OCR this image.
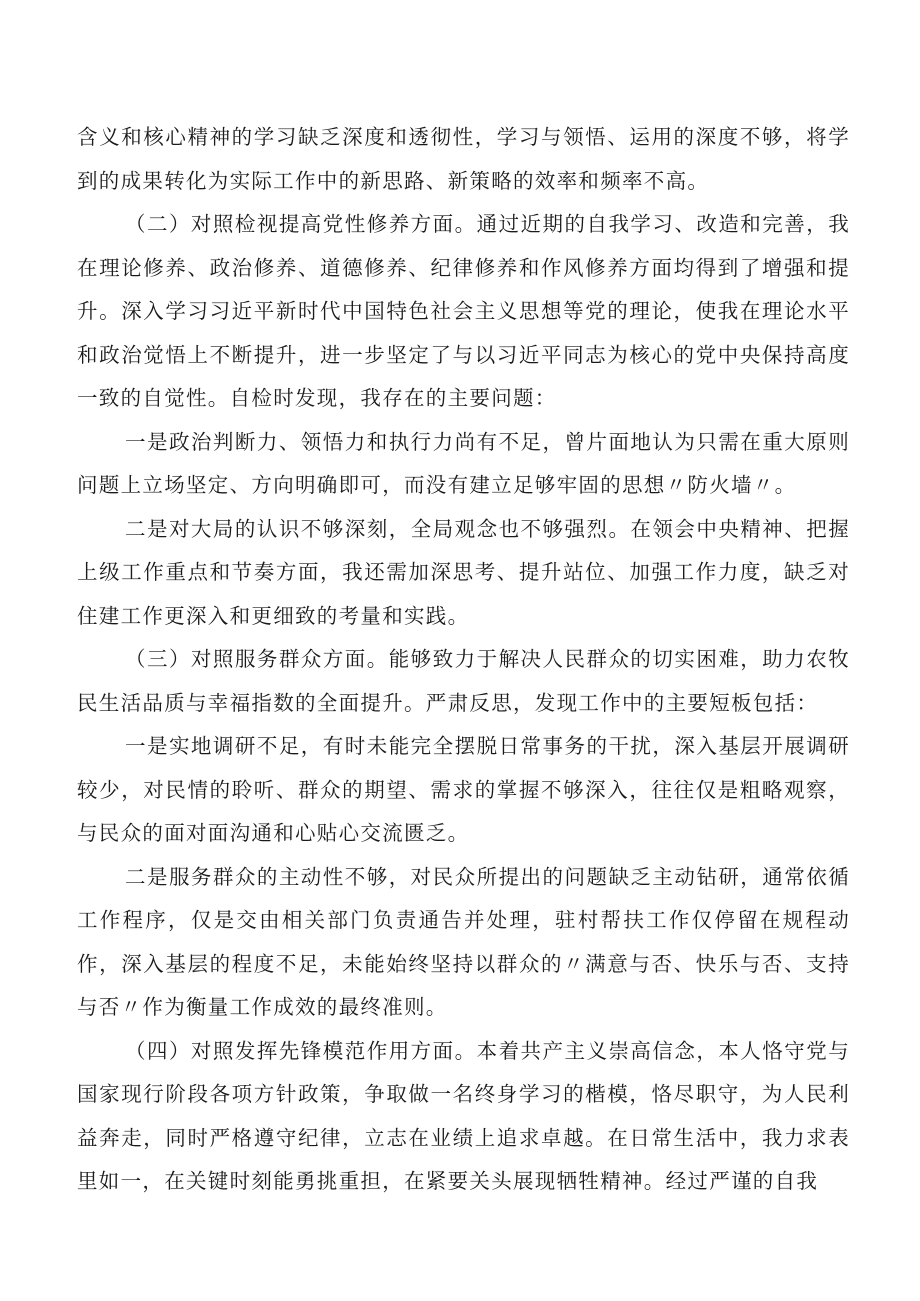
含义和核心精神的学习缺乏深度和透彻性，学习与领悟、运用的深度不够，将学到的成果转化为实际工作中的新思路、新策略的效率和频率不高。

（二）对照检视提高党性修养方面。通过近期的自我学习、改造和完善，我在理论修养、政治修养、道德修养、纪律修养和作风修养方面均得到了增强和提升。深入学习习近平新时代中国特色社会主义思想等党的理论，使我在理论水平和政治觉悟上不断提升，进一步坚定了与以习近平同志为核心的党中央保持高度一致的自觉性。自检时发现，我存在的主要问题：

一是政治判断力、领悟力和执行力尚有不足，曾片面地认为只需在重大原则问题上立场坚定、方向明确即可，而没有建立足够牢固的思想〃防火墙〃。

二是对大局的认识不够深刻，全局观念也不够强烈。在领会中央精神、把握上级工作重点和节奏方面，我还需加深思考、提升站位、加强工作力度，缺乏对住建工作更深入和更细致的考量和实践。

（三）对照服务群众方面。能够致力于解决人民群众的切实困难，助力农牧民生活品质与幸福指数的全面提升。严肃反思，发现工作中的主要短板包括：

一是实地调研不足，有时未能完全摆脱日常事务的干扰，深入基层开展调研较少，对民情的聆听、群众的期望、需求的掌握不够深入，往往仅是粗略观察，与民众的面对面沟通和心贴心交流匮乏。

二是服务群众的主动性不够，对民众所提出的问题缺乏主动钻研，通常依循工作程序，仅是交由相关部门负责通告并处理，驻村帮扶工作仅停留在规程动作，深入基层的程度不足，未能始终坚持以群众的〃满意与否、快乐与否、支持与否〃作为衡量工作成效的最终准则。

（四）对照发挥先锋模范作用方面。本着共产主义崇高信念，本人恪守党与国家现行阶段各项方针政策，争取做一名终身学习的楷模，恪尽职守，为人民利益奔走，同时严格遵守纪律，立志在业绩上追求卓越。在日常生活中，我力求表里如一，在关键时刻能勇挑重担，在紧要关头展现牺牲精神。经过严谨的自我
